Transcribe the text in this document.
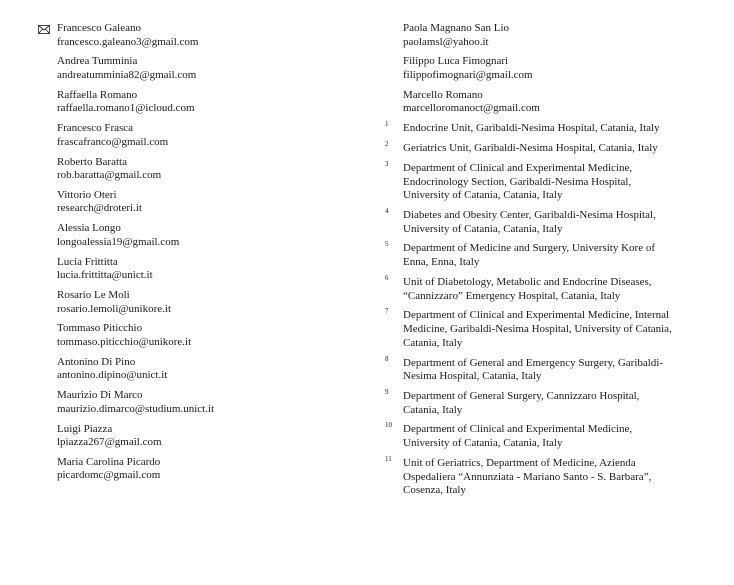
Francesco Galeano
francesco.galeano3@gmail.com
Andrea Tumminia
andreatumminia82@gmail.com
Raffaella Romano
raffaella.romano1@icloud.com
Francesco Frasca
frascafranco@gmail.com
Roberto Baratta
rob.baratta@gmail.com
Vittorio Oteri
research@droteri.it
Alessia Longo
longoalessia19@gmail.com
Lucia Frittitta
lucia.frittitta@unict.it
Rosario Le Moli
rosario.lemoli@unikore.it
Tommaso Piticchio
tommaso.piticchio@unikore.it
Antonino Di Pino
antonino.dipino@unict.it
Maurizio Di Marco
maurizio.dimarco@studium.unict.it
Luigi Piazza
lpiazza267@gmail.com
Maria Carolina Picardo
picardomc@gmail.com
Paola Magnano San Lio
paolamsl@yahoo.it
Filippo Luca Fimognari
filippofimognari@gmail.com
Marcello Romano
marcelloromanoct@gmail.com
1 Endocrine Unit, Garibaldi-Nesima Hospital, Catania, Italy
2 Geriatrics Unit, Garibaldi-Nesima Hospital, Catania, Italy
3 Department of Clinical and Experimental Medicine,
Endocrinology Section, Garibaldi-Nesima Hospital,
University of Catania, Catania, Italy
4 Diabetes and Obesity Center, Garibaldi-Nesima Hospital,
University of Catania, Catania, Italy
5 Department of Medicine and Surgery, University Kore of
Enna, Enna, Italy
6 Unit of Diabetology, Metabolic and Endocrine Diseases,
“Cannizzaro” Emergency Hospital, Catania, Italy
7 Department of Clinical and Experimental Medicine, Internal
Medicine, Garibaldi-Nesima Hospital, University of Catania,
Catania, Italy
8 Department of General and Emergency Surgery, Garibaldi-
Nesima Hospital, Catania, Italy
9 Department of General Surgery, Cannizzaro Hospital,
Catania, Italy
10 Department of Clinical and Experimental Medicine,
University of Catania, Catania, Italy
11 Unit of Geriatrics, Department of Medicine, Azienda
Ospedaliera “Annunziata - Mariano Santo - S. Barbara”,
Cosenza, Italy
